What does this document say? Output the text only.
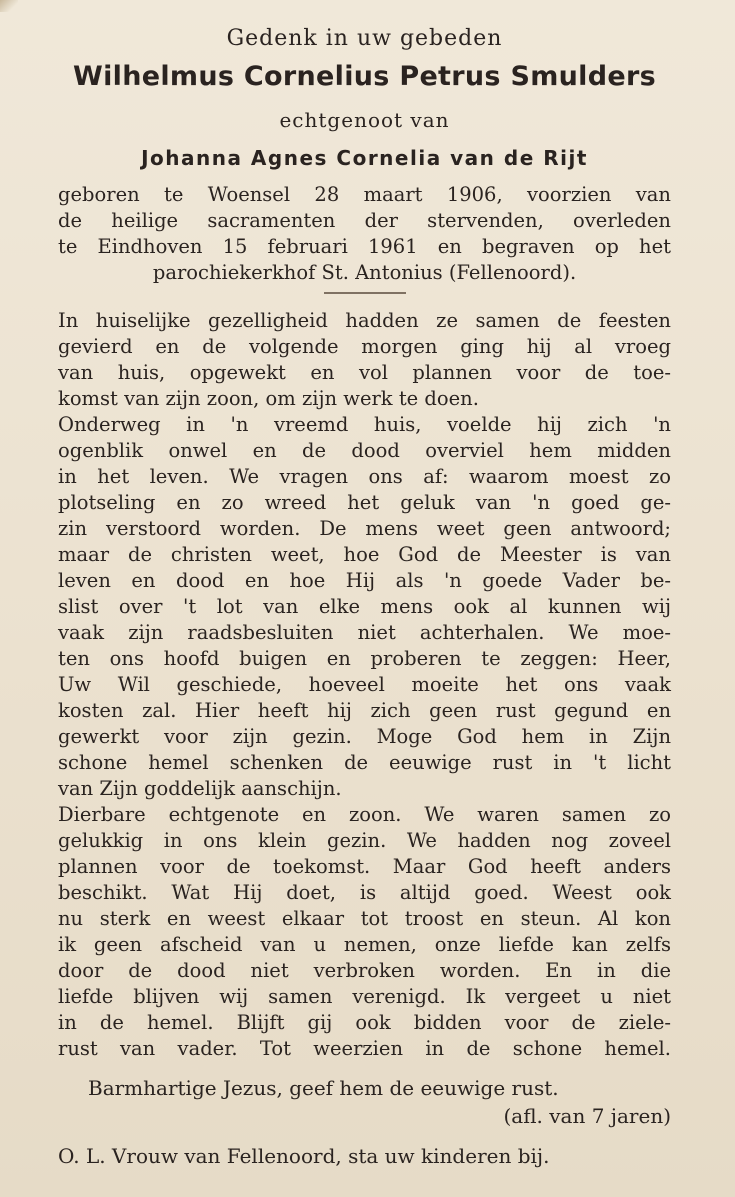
Gedenk in uw gebeden
Wilhelmus Cornelius Petrus Smulders
echtgenoot van
Johanna Agnes Cornelia van de Rijt
geboren te Woensel 28 maart 1906, voorzien van
de heilige sacramenten der stervenden, overleden
te Eindhoven 15 februari 1961 en begraven op het
parochiekerkhof St. Antonius (Fellenoord).
In huiselijke gezelligheid hadden ze samen de feesten
gevierd en de volgende morgen ging hij al vroeg
van huis, opgewekt en vol plannen voor de toe-
komst van zijn zoon, om zijn werk te doen.
Onderweg in 'n vreemd huis, voelde hij zich 'n
ogenblik onwel en de dood overviel hem midden
in het leven. We vragen ons af: waarom moest zo
plotseling en zo wreed het geluk van 'n goed ge-
zin verstoord worden. De mens weet geen antwoord;
maar de christen weet, hoe God de Meester is van
leven en dood en hoe Hij als 'n goede Vader be-
slist over 't lot van elke mens ook al kunnen wij
vaak zijn raadsbesluiten niet achterhalen. We moe-
ten ons hoofd buigen en proberen te zeggen: Heer,
Uw Wil geschiede, hoeveel moeite het ons vaak
kosten zal. Hier heeft hij zich geen rust gegund en
gewerkt voor zijn gezin. Moge God hem in Zijn
schone hemel schenken de eeuwige rust in 't licht
van Zijn goddelijk aanschijn.
Dierbare echtgenote en zoon. We waren samen zo
gelukkig in ons klein gezin. We hadden nog zoveel
plannen voor de toekomst. Maar God heeft anders
beschikt. Wat Hij doet, is altijd goed. Weest ook
nu sterk en weest elkaar tot troost en steun. Al kon
ik geen afscheid van u nemen, onze liefde kan zelfs
door de dood niet verbroken worden. En in die
liefde blijven wij samen verenigd. Ik vergeet u niet
in de hemel. Blijft gij ook bidden voor de ziele-
rust van vader. Tot weerzien in de schone hemel.
Barmhartige Jezus, geef hem de eeuwige rust.
(afl. van 7 jaren)
O. L. Vrouw van Fellenoord, sta uw kinderen bij.
